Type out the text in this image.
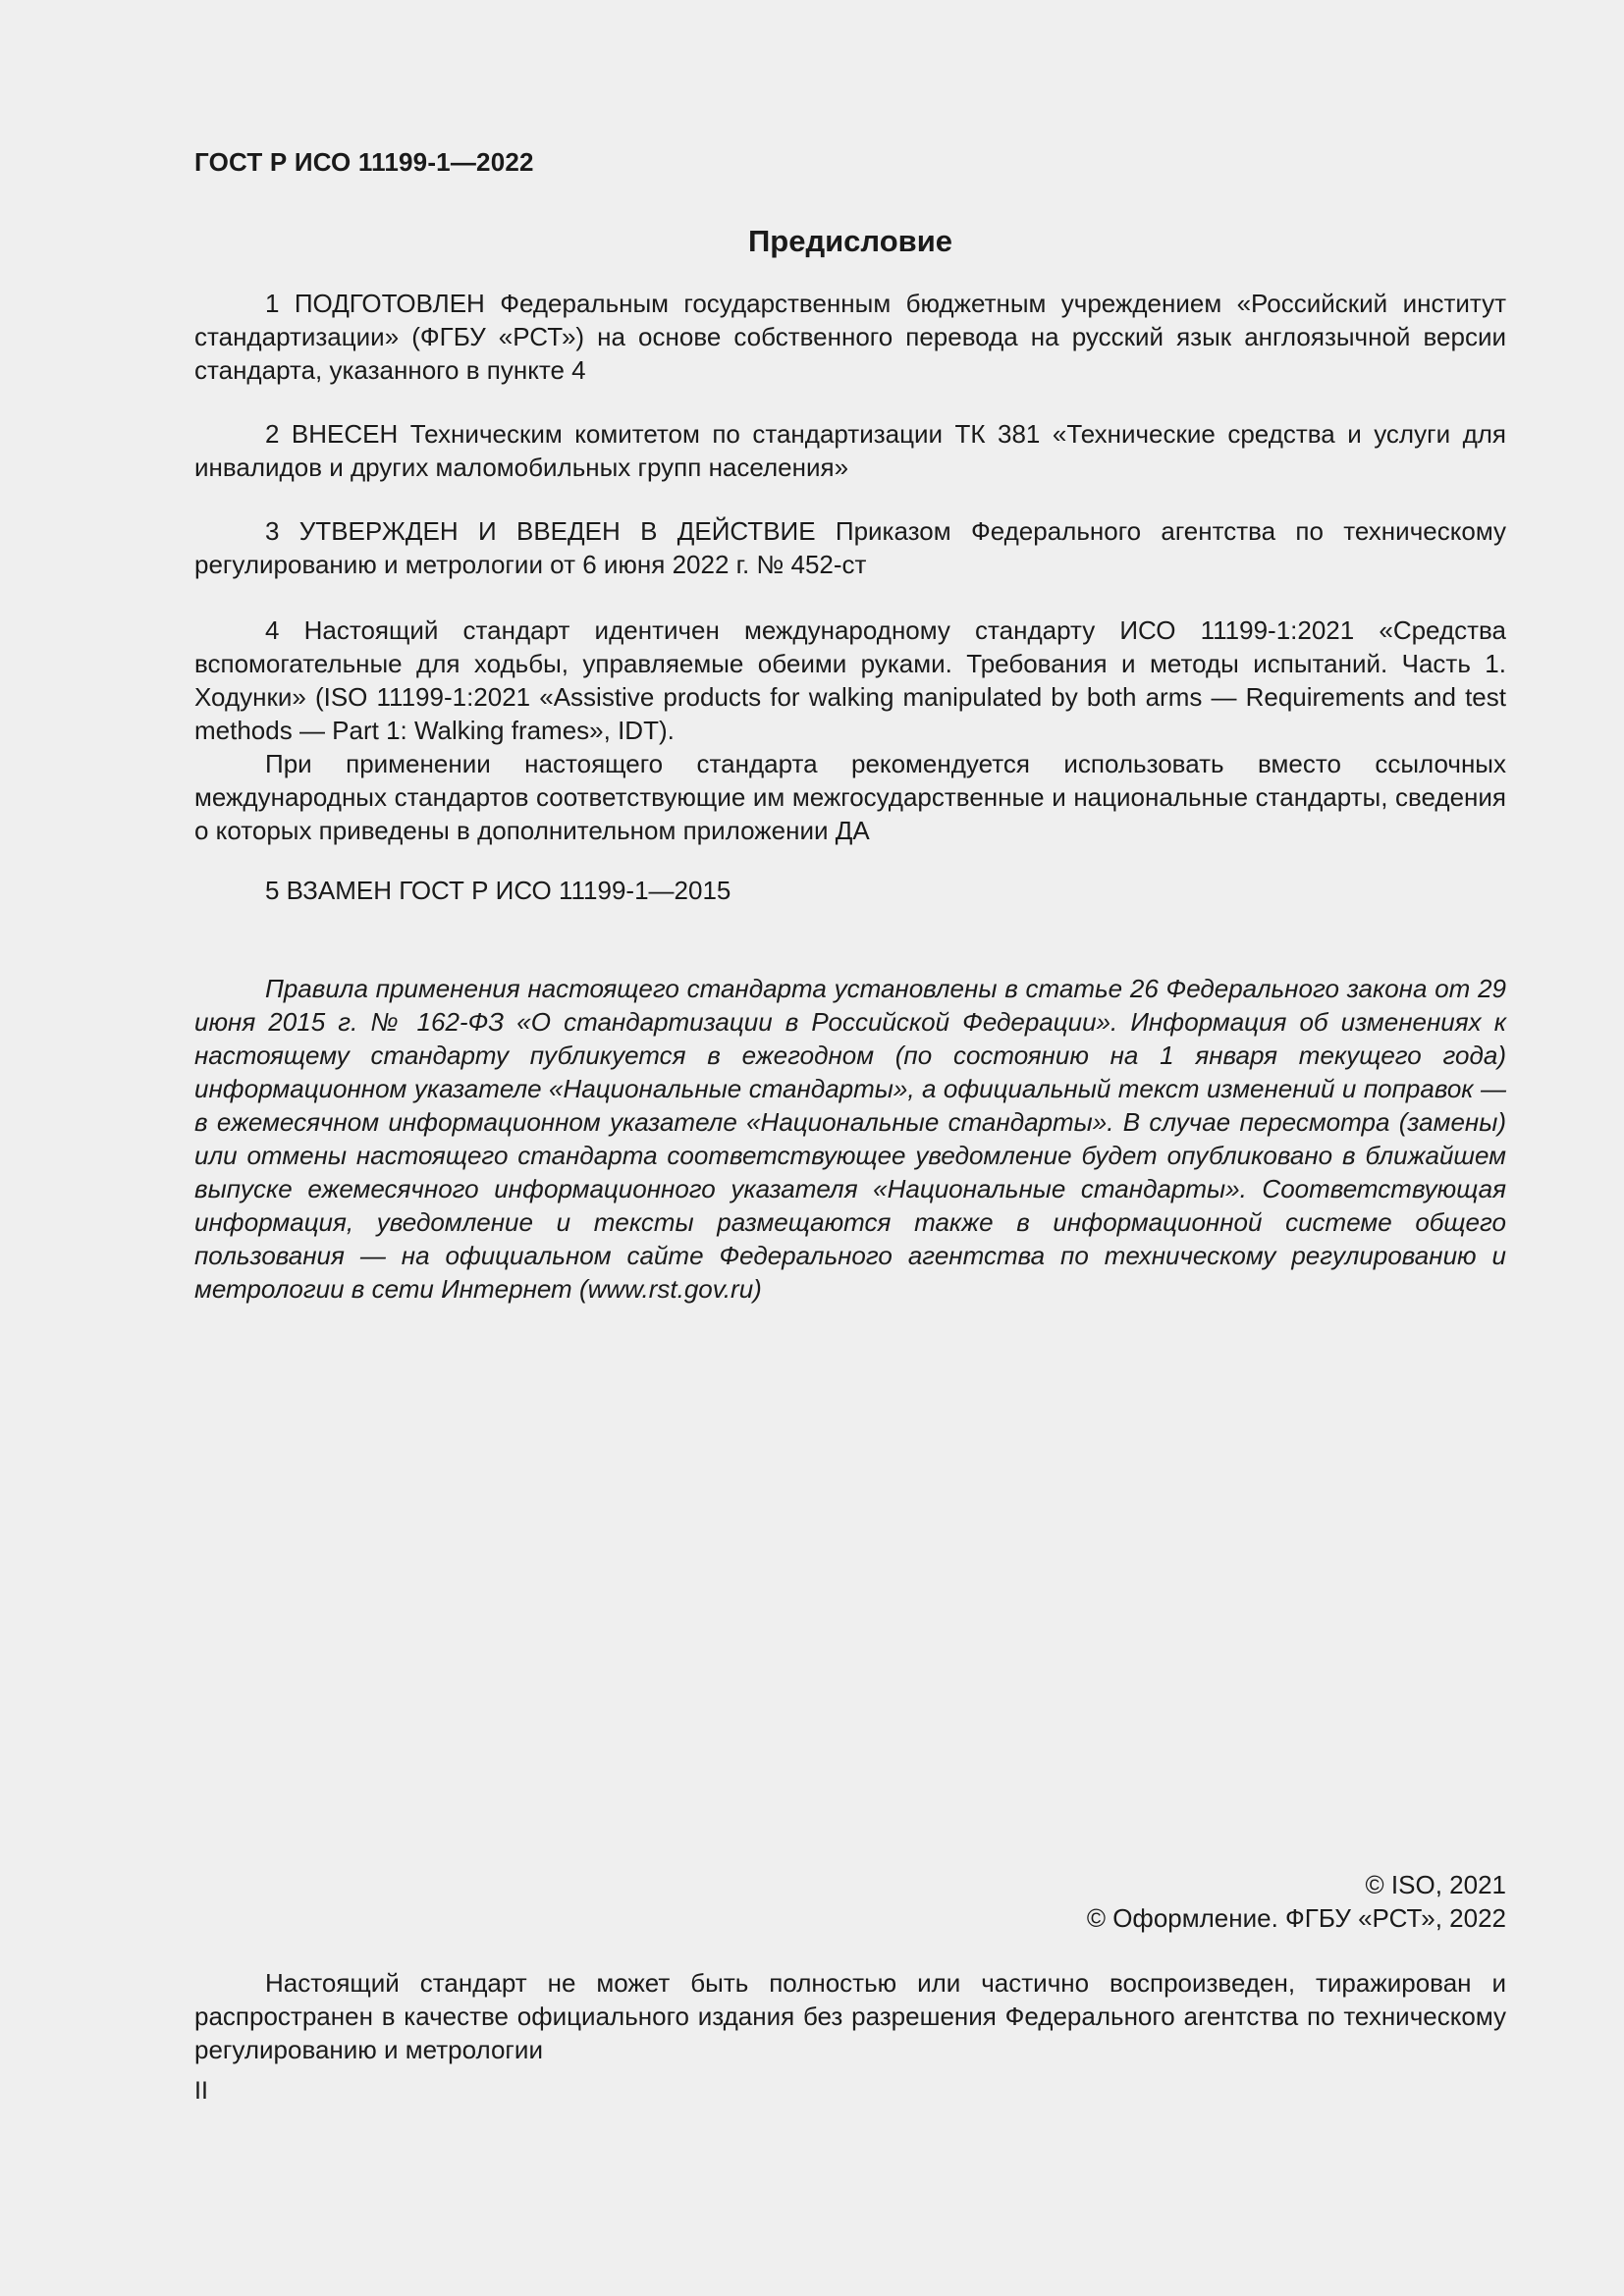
ГОСТ Р ИСО 11199-1—2022
Предисловие

1 ПОДГОТОВЛЕН Федеральным государственным бюджетным учреждением «Российский институт стандартизации» (ФГБУ «РСТ») на основе собственного перевода на русский язык англоязычной версии стандарта, указанного в пункте 4

2 ВНЕСЕН Техническим комитетом по стандартизации ТК 381 «Технические средства и услуги для инвалидов и других маломобильных групп населения»

3 УТВЕРЖДЕН И ВВЕДЕН В ДЕЙСТВИЕ Приказом Федерального агентства по техническому регулированию и метрологии от 6 июня 2022 г. № 452-ст

4 Настоящий стандарт идентичен международному стандарту ИСО 11199-1:2021 «Средства вспомогательные для ходьбы, управляемые обеими руками. Требования и методы испытаний. Часть 1. Ходунки» (ISO 11199-1:2021 «Assistive products for walking manipulated by both arms — Requirements and test methods — Part 1: Walking frames», IDT).

При применении настоящего стандарта рекомендуется использовать вместо ссылочных международных стандартов соответствующие им межгосударственные и национальные стандарты, сведения о которых приведены в дополнительном приложении ДА

5 ВЗАМЕН ГОСТ Р ИСО 11199-1—2015

Правила применения настоящего стандарта установлены в статье 26 Федерального закона от 29 июня 2015 г. № 162-ФЗ «О стандартизации в Российской Федерации». Информация об изменениях к настоящему стандарту публикуется в ежегодном (по состоянию на 1 января текущего года) информационном указателе «Национальные стандарты», а официальный текст изменений и поправок — в ежемесячном информационном указателе «Национальные стандарты». В случае пересмотра (замены) или отмены настоящего стандарта соответствующее уведомление будет опубликовано в ближайшем выпуске ежемесячного информационного указателя «Национальные стандарты». Соответствующая информация, уведомление и тексты размещаются также в информационной системе общего пользования — на официальном сайте Федерального агентства по техническому регулированию и метрологии в сети Интернет (www.rst.gov.ru)

© ISO, 2021
© Оформление. ФГБУ «РСТ», 2022

Настоящий стандарт не может быть полностью или частично воспроизведен, тиражирован и распространен в качестве официального издания без разрешения Федерального агентства по техническому регулированию и метрологии

II
